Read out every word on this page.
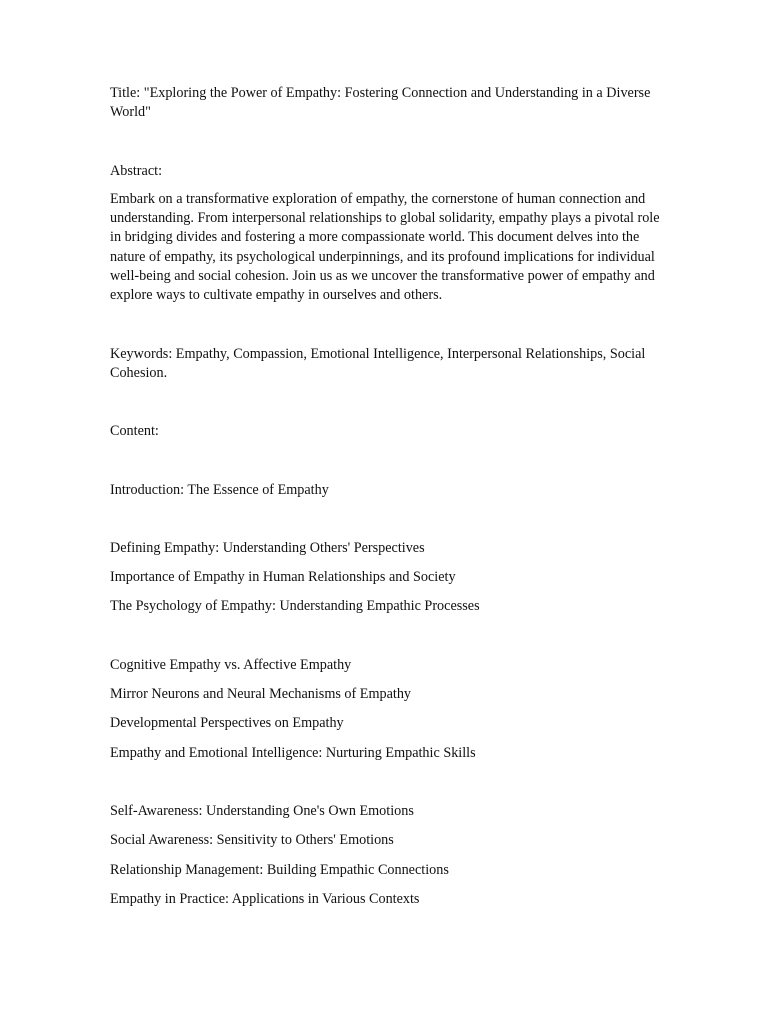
Title: "Exploring the Power of Empathy: Fostering Connection and Understanding in a Diverse World"

Abstract:

Embark on a transformative exploration of empathy, the cornerstone of human connection and understanding. From interpersonal relationships to global solidarity, empathy plays a pivotal role in bridging divides and fostering a more compassionate world. This document delves into the nature of empathy, its psychological underpinnings, and its profound implications for individual well-being and social cohesion. Join us as we uncover the transformative power of empathy and explore ways to cultivate empathy in ourselves and others.

Keywords: Empathy, Compassion, Emotional Intelligence, Interpersonal Relationships, Social Cohesion.

Content:

Introduction: The Essence of Empathy

Defining Empathy: Understanding Others' Perspectives

Importance of Empathy in Human Relationships and Society

The Psychology of Empathy: Understanding Empathic Processes

Cognitive Empathy vs. Affective Empathy

Mirror Neurons and Neural Mechanisms of Empathy

Developmental Perspectives on Empathy

Empathy and Emotional Intelligence: Nurturing Empathic Skills

Self-Awareness: Understanding One's Own Emotions

Social Awareness: Sensitivity to Others' Emotions

Relationship Management: Building Empathic Connections

Empathy in Practice: Applications in Various Contexts
